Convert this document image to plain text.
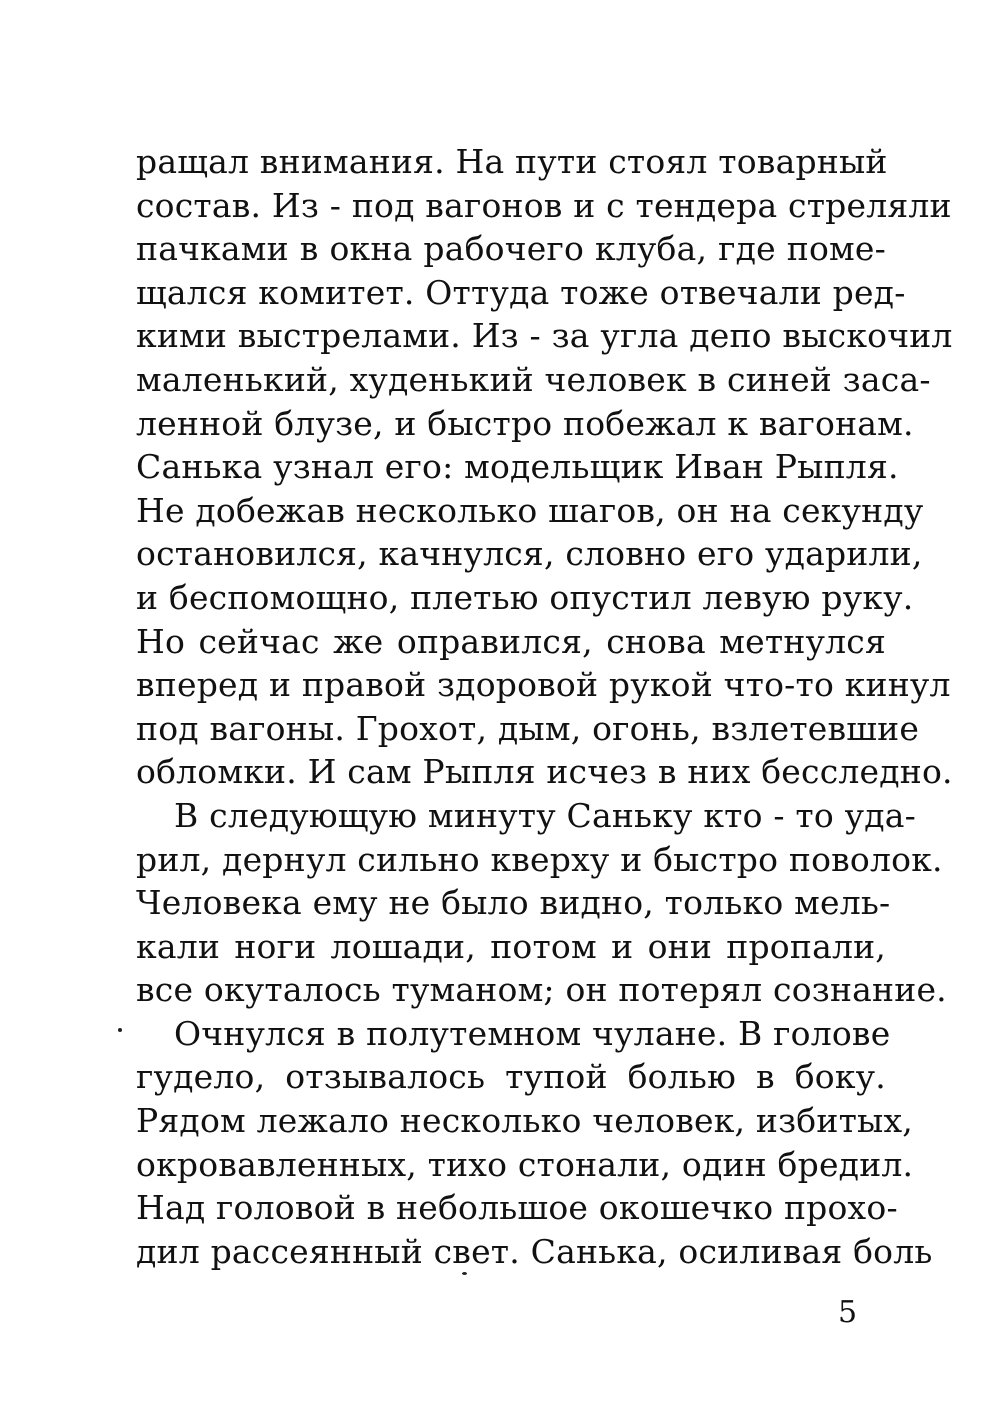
ращал внимания. На пути стоял товарный
состав. Из - под вагонов и с тендера стреляли
пачками в окна рабочего клуба, где поме-
щался комитет. Оттуда тоже отвечали ред-
кими выстрелами. Из - за угла депо выскочил
маленький, худенький человек в синей заса-
ленной блузе, и быстро побежал к вагонам.
Санька узнал его: модельщик Иван Рыпля.
Не добежав несколько шагов, он на секунду
остановился, качнулся, словно его ударили,
и беспомощно, плетью опустил левую руку.
Но сейчас же оправился, снова метнулся
вперед и правой здоровой рукой что-то кинул
под вагоны. Грохот, дым, огонь, взлетевшие
обломки. И сам Рыпля исчез в них бесследно.
В следующую минуту Саньку кто - то уда-
рил, дернул сильно кверху и быстро поволок.
Человека ему не было видно, только мель-
кали ноги лошади, потом и они пропали,
все окуталось туманом; он потерял сознание.
Очнулся в полутемном чулане. В голове
гудело, отзывалось тупой болью в боку.
Рядом лежало несколько человек, избитых,
окровавленных, тихо стонали, один бредил.
Над головой в небольшое окошечко прохо-
дил рассеянный свет. Санька, осиливая боль
5
